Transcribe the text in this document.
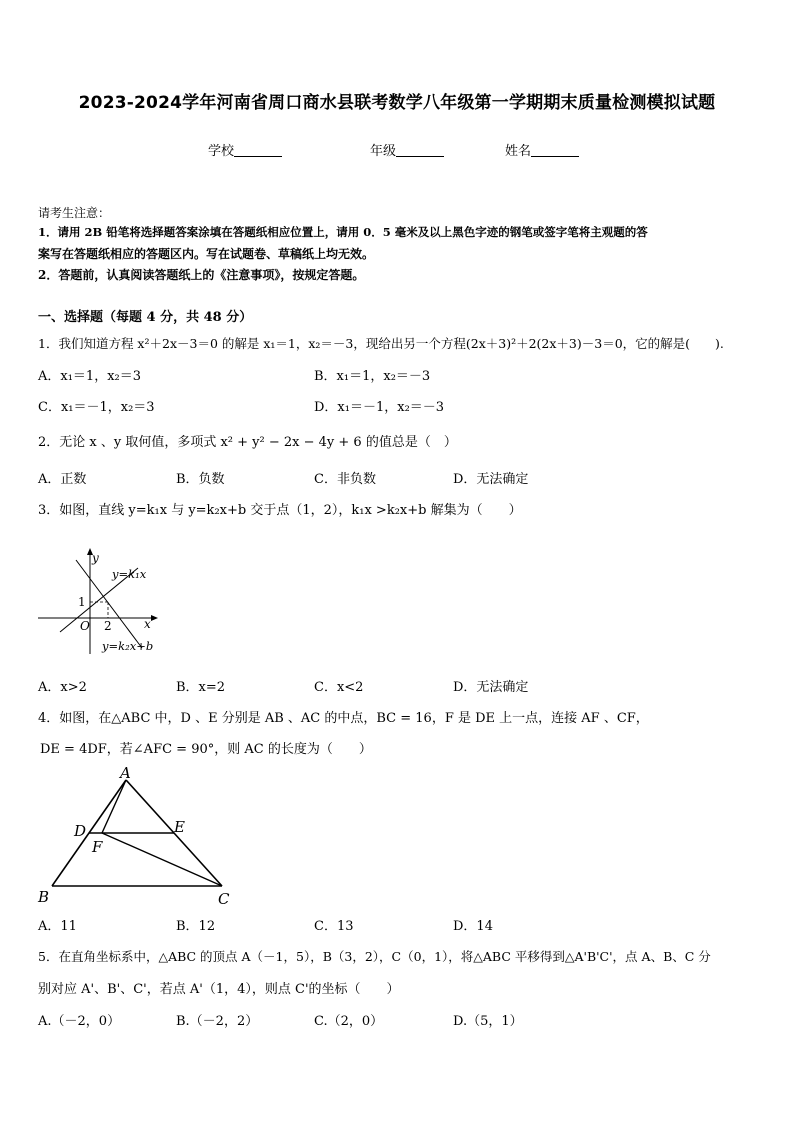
2023-2024学年河南省周口商水县联考数学八年级第一学期期末质量检测模拟试题
学校	年级	姓名
请考生注意：
1．请用 2B 铅笔将选择题答案涂填在答题纸相应位置上，请用 0．5 毫米及以上黑色字迹的钢笔或签字笔将主观题的答
案写在答题纸相应的答题区内。写在试题卷、草稿纸上均无效。
2．答题前，认真阅读答题纸上的《注意事项》，按规定答题。
一、选择题（每题 4 分，共 48 分）
1．我们知道方程 x²＋2x－3＝0 的解是 x₁＝1，x₂＝－3，现给出另一个方程(2x＋3)²＋2(2x＋3)－3＝0，它的解是(　　).
A．x₁＝1，x₂＝3	B．x₁＝1，x₂＝－3
C．x₁＝－1，x₂＝3	D．x₁＝－1，x₂＝－3
2．无论 x 、y 取何值，多项式 x² + y² − 2x − 4y + 6 的值总是（　）
A．正数	B．负数	C．非负数	D．无法确定
3．如图，直线 y=k₁x 与 y=k₂x+b 交于点（1，2），k₁x >k₂x+b 解集为（　　）
y
x
O
1
2
y=k₁x
y=k₂x+b
A．x>2	B．x=2	C．x<2	D．无法确定
4．如图，在△ABC 中，D 、E 分别是 AB 、AC 的中点，BC = 16，F 是 DE 上一点，连接 AF 、CF，
DE = 4DF，若∠AFC = 90°，则 AC 的长度为（　　）
A
D	E
F
B	C
A．11	B．12	C．13	D．14
5．在直角坐标系中，△ABC 的顶点 A（－1，5），B（3，2），C（0，1），将△ABC 平移得到△A'B'C'，点 A、B、C 分
别对应 A'、B'、C'，若点 A'（1，4），则点 C'的坐标（　　）
A.（－2，0）	B.（－2，2）	C.（2，0）	D.（5，1）
